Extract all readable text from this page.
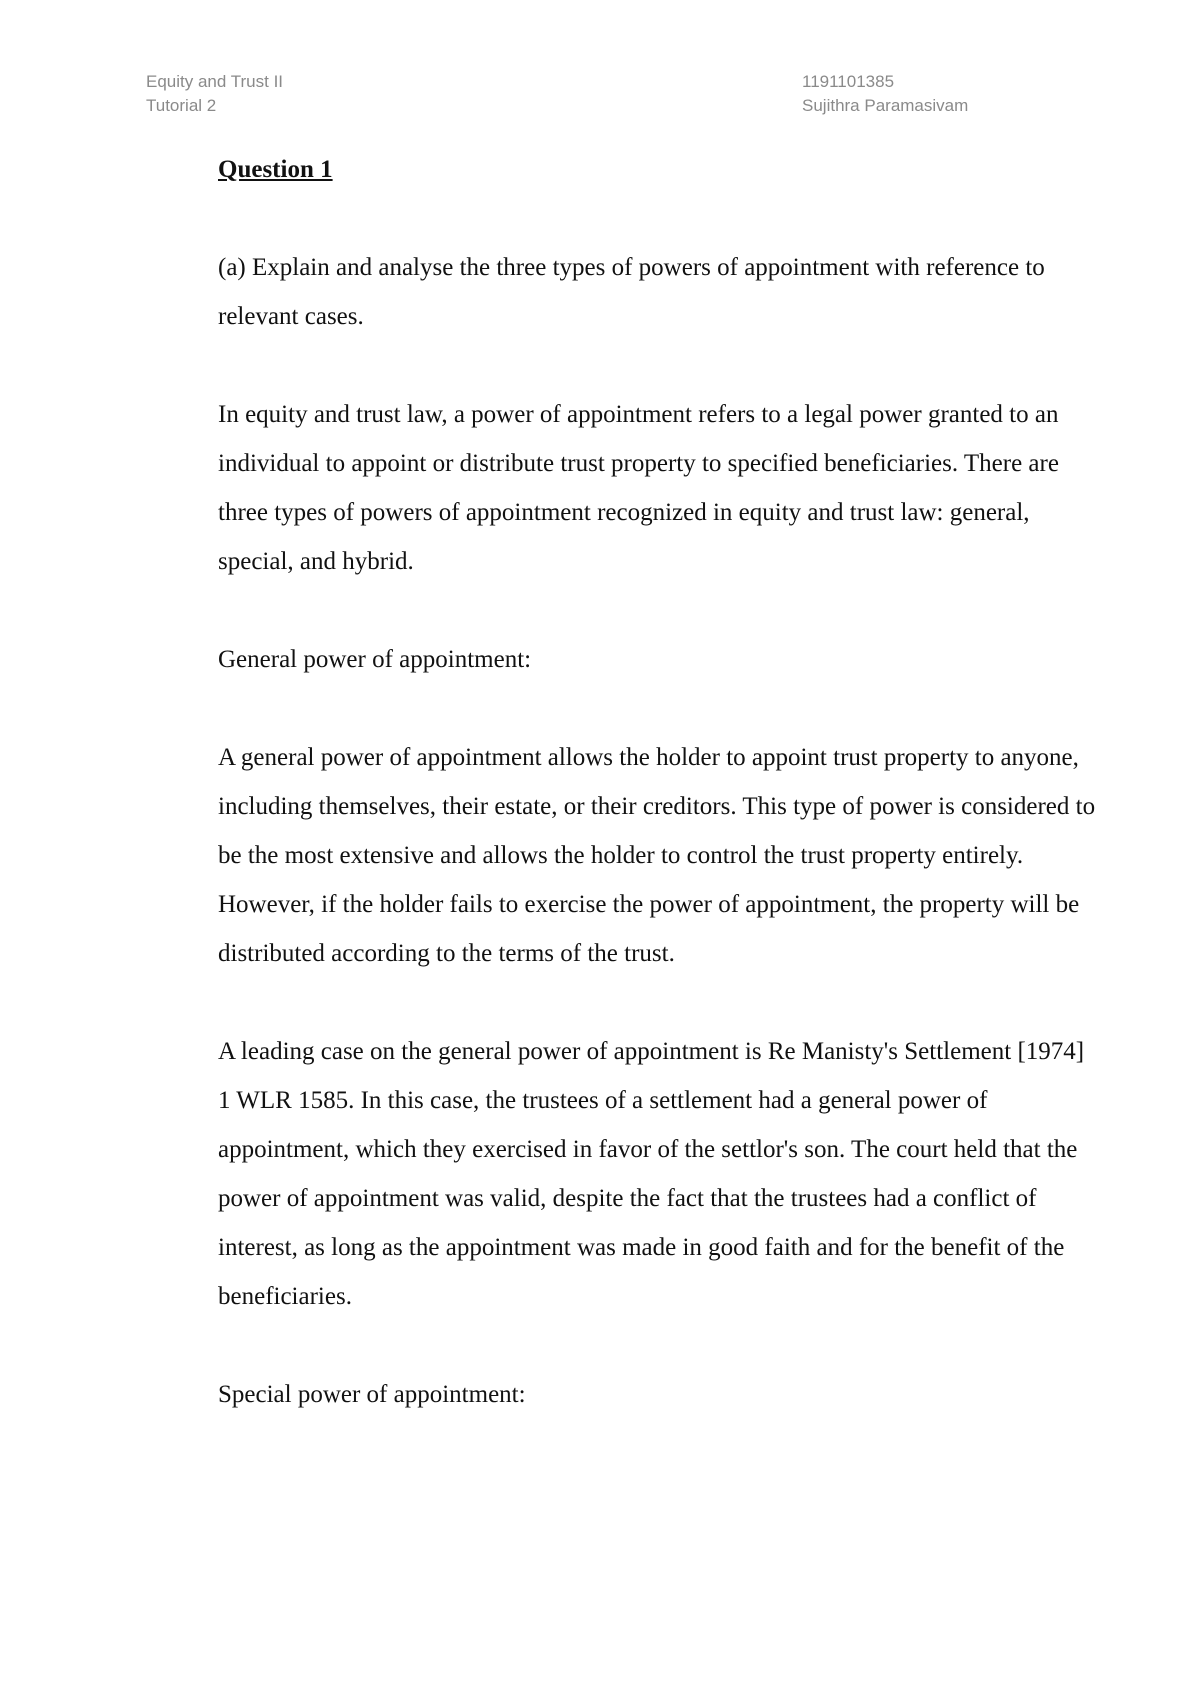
Equity and Trust II
Tutorial 2
1191101385
Sujithra Paramasivam

Question 1

(a) Explain and analyse the three types of powers of appointment with reference to relevant cases.

In equity and trust law, a power of appointment refers to a legal power granted to an individual to appoint or distribute trust property to specified beneficiaries. There are three types of powers of appointment recognized in equity and trust law: general, special, and hybrid.

General power of appointment:

A general power of appointment allows the holder to appoint trust property to anyone, including themselves, their estate, or their creditors. This type of power is considered to be the most extensive and allows the holder to control the trust property entirely. However, if the holder fails to exercise the power of appointment, the property will be distributed according to the terms of the trust.

A leading case on the general power of appointment is Re Manisty's Settlement [1974] 1 WLR 1585. In this case, the trustees of a settlement had a general power of appointment, which they exercised in favor of the settlor's son. The court held that the power of appointment was valid, despite the fact that the trustees had a conflict of interest, as long as the appointment was made in good faith and for the benefit of the beneficiaries.

Special power of appointment:
